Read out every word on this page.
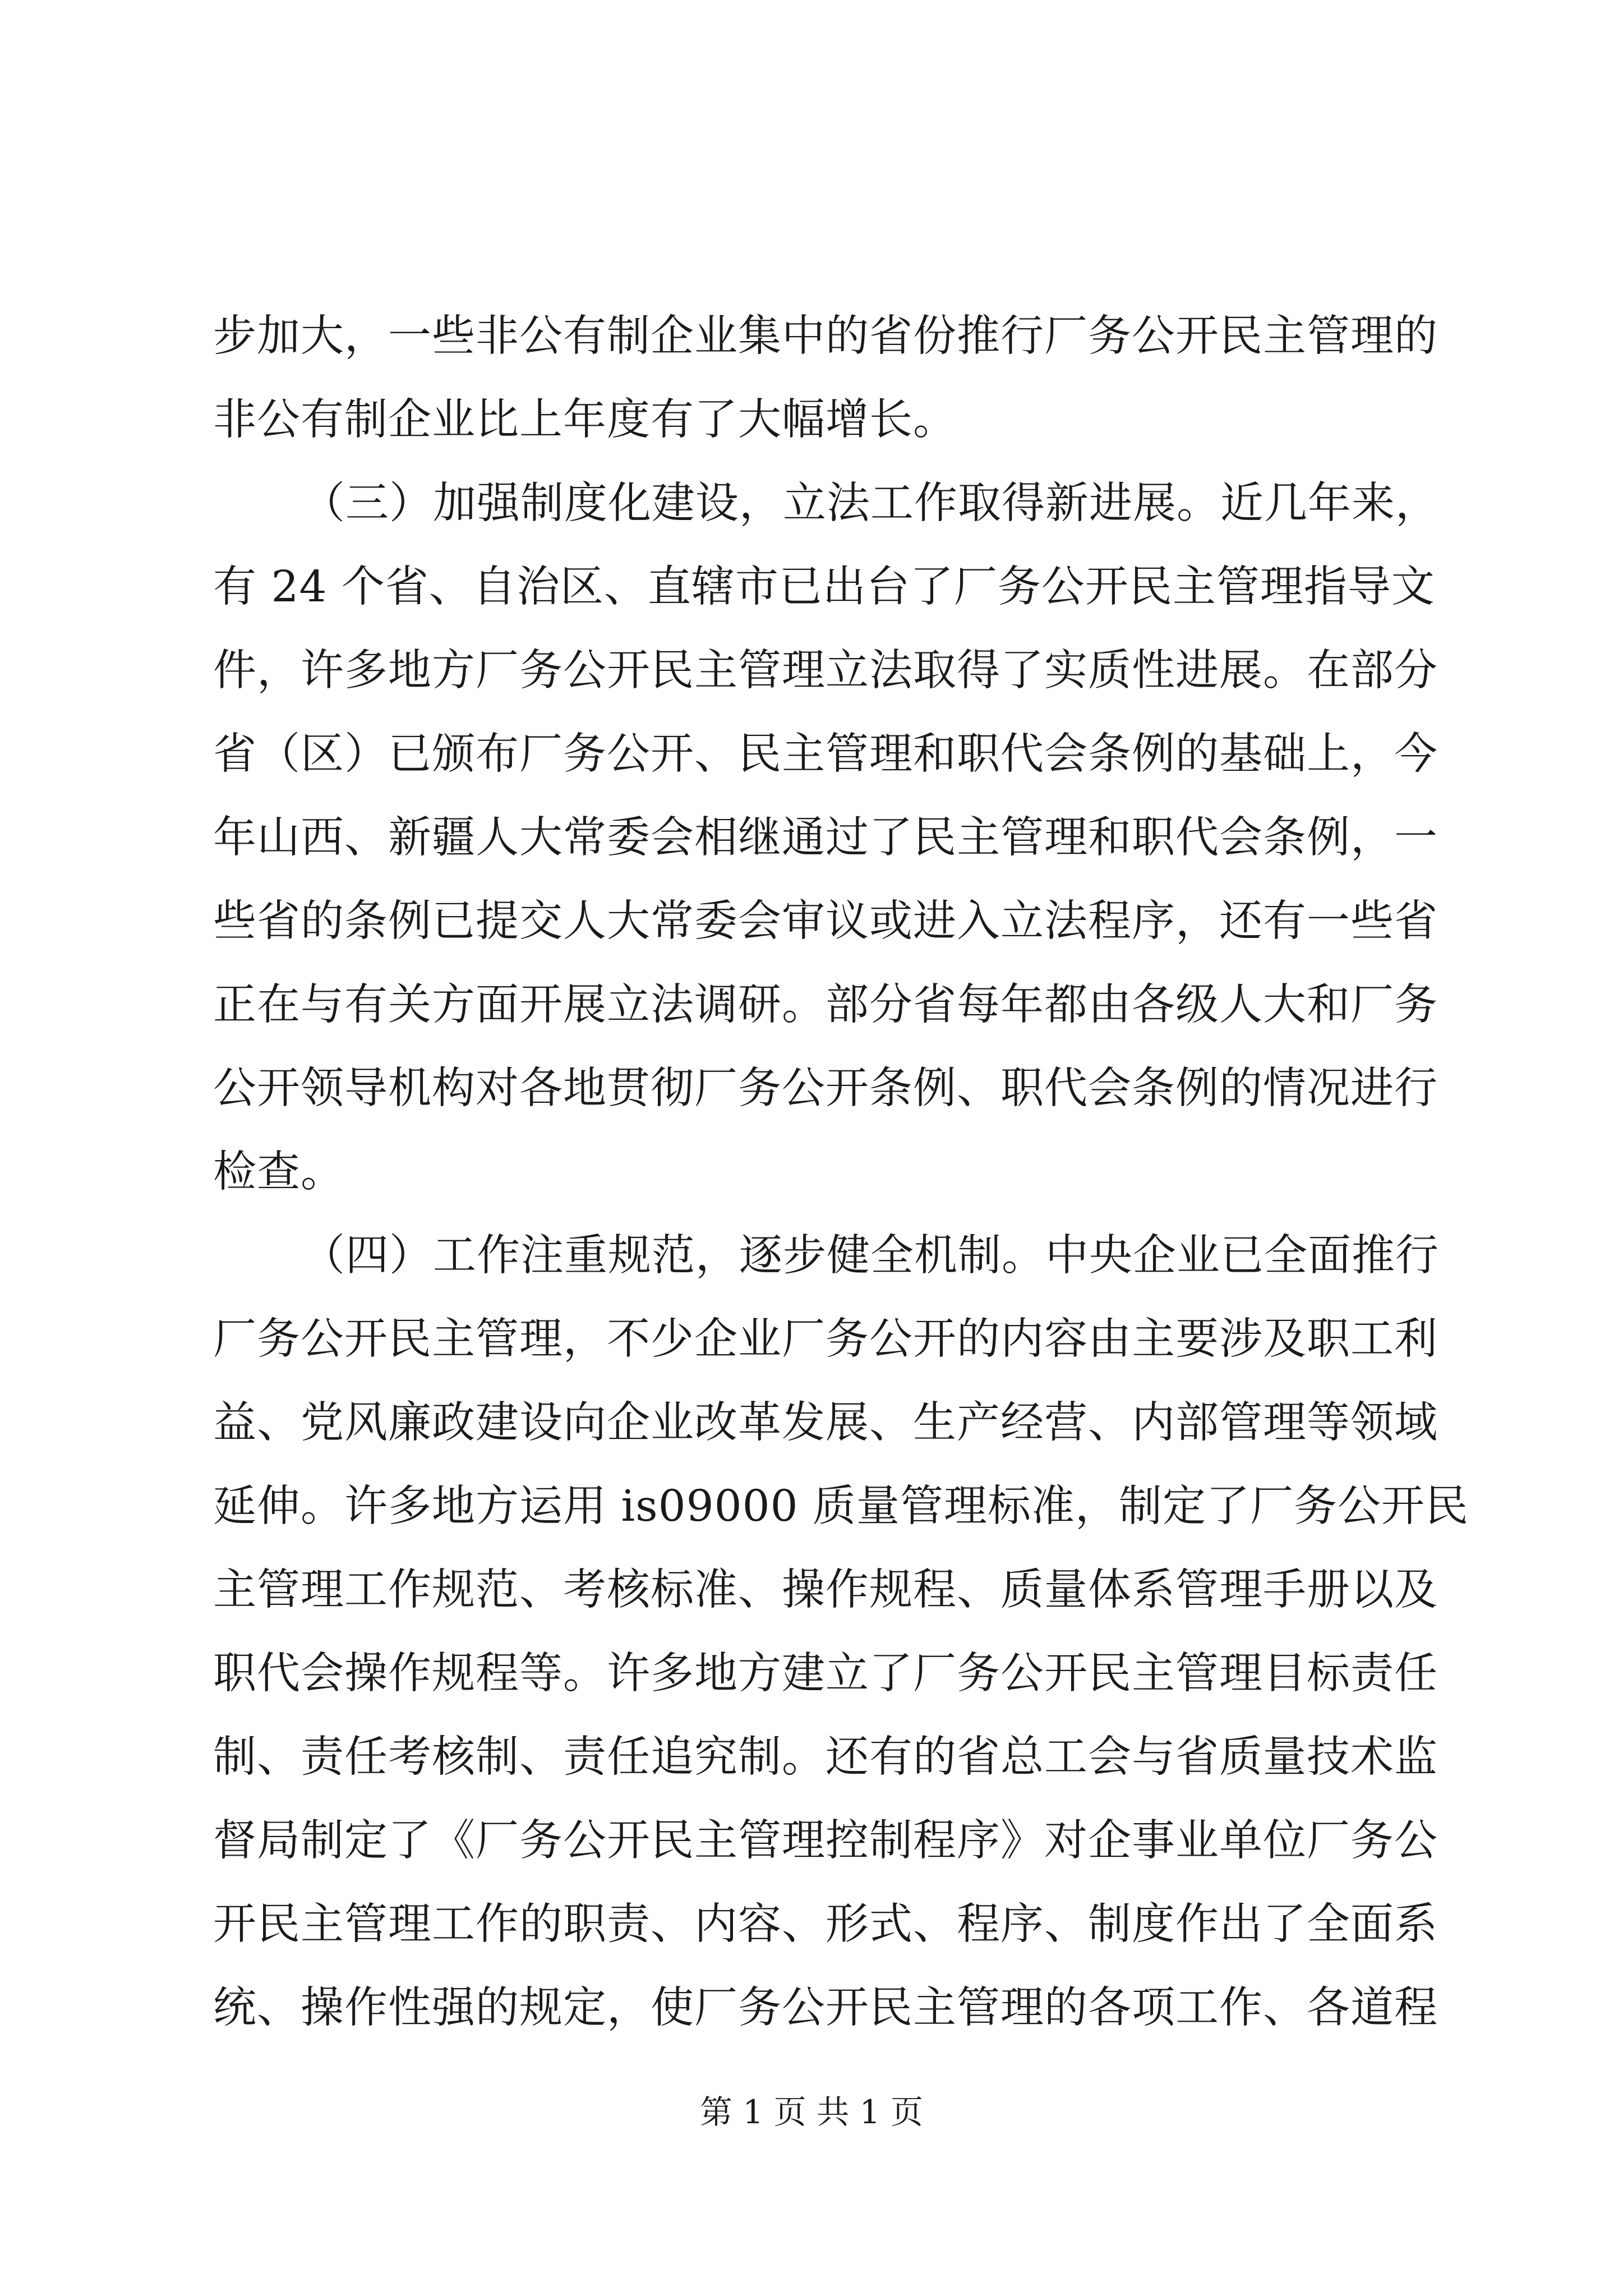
步加大，一些非公有制企业集中的省份推行厂务公开民主管理的
非公有制企业比上年度有了大幅增长。
（三）加强制度化建设，立法工作取得新进展。近几年来，
有 24 个省、自治区、直辖市已出台了厂务公开民主管理指导文
件，许多地方厂务公开民主管理立法取得了实质性进展。在部分
省（区）已颁布厂务公开、民主管理和职代会条例的基础上，今
年山西、新疆人大常委会相继通过了民主管理和职代会条例，一
些省的条例已提交人大常委会审议或进入立法程序，还有一些省
正在与有关方面开展立法调研。部分省每年都由各级人大和厂务
公开领导机构对各地贯彻厂务公开条例、职代会条例的情况进行
检查。
（四）工作注重规范，逐步健全机制。中央企业已全面推行
厂务公开民主管理，不少企业厂务公开的内容由主要涉及职工利
益、党风廉政建设向企业改革发展、生产经营、内部管理等领域
延伸。许多地方运用 is09000 质量管理标准，制定了厂务公开民
主管理工作规范、考核标准、操作规程、质量体系管理手册以及
职代会操作规程等。许多地方建立了厂务公开民主管理目标责任
制、责任考核制、责任追究制。还有的省总工会与省质量技术监
督局制定了《厂务公开民主管理控制程序》对企事业单位厂务公
开民主管理工作的职责、内容、形式、程序、制度作出了全面系
统、操作性强的规定，使厂务公开民主管理的各项工作、各道程
第 1 页 共 1 页
